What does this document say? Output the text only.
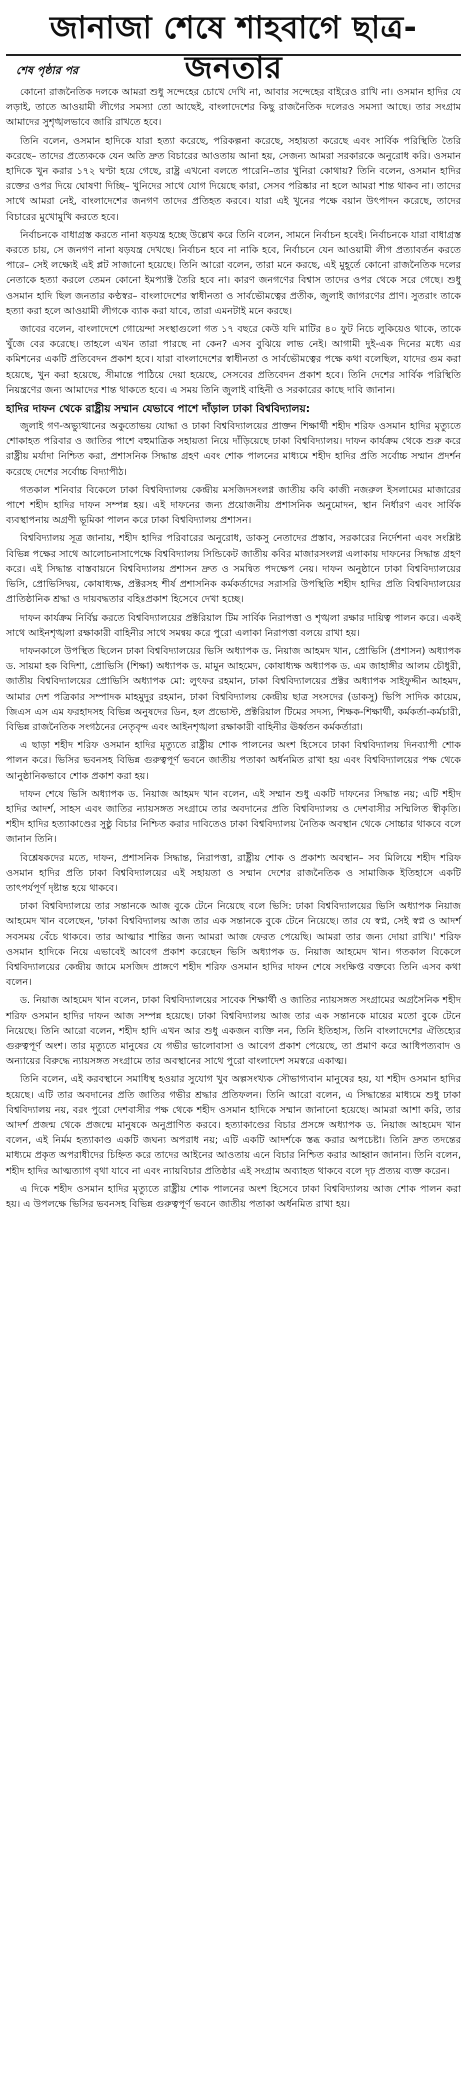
জানাজা শেষে শাহবাগে ছাত্র-জনতার
শেষ পৃষ্ঠার পর

কোনো রাজনৈতিক দলকে আমরা শুধু সন্দেহের চোখে দেখি না, আবার সন্দেহের বাইরেও রাখি না। ওসমান হাদির যে লড়াই, তাতে আওয়ামী লীগের সমস্যা তো আছেই, বাংলাদেশের কিছু রাজনৈতিক দলেরও সমস্যা আছে। তার সংগ্রাম আমাদের সুশৃঙ্খলভাবে জারি রাখতে হবে।

তিনি বলেন, ওসমান হাদিকে যারা হত্যা করেছে, পরিকল্পনা করেছে, সহায়তা করেছে এবং সার্বিক পরিস্থিতি তৈরি করেছে– তাদের প্রত্যেককে যেন অতি দ্রুত বিচারের আওতায় আনা হয়, সেজন্য আমরা সরকারকে অনুরোধ করি। ওসমান হাদিকে খুন করার ১৭২ ঘণ্টা হয়ে গেছে, রাষ্ট্র এখনো বলতে পারেনি–তার খুনিরা কোথায়? তিনি বলেন, ওসমান হাদির রক্তের ওপর দিয়ে ঘোষণা দিচ্ছি– খুনিদের সাথে যোগ দিয়েছে কারা, সেসব পরিষ্কার না হলে আমরা শান্ত থাকব না। তাদের সাথে আমরা নেই, বাংলাদেশের জনগণ তাদের প্রতিহত করবে। যারা এই খুনের পক্ষে বয়ান উৎপাদন করেছে, তাদের বিচারের মুখোমুখি করতে হবে।

নির্বাচনকে বাধাগ্রস্ত করতে নানা ষড়যন্ত্র হচ্ছে উল্লেখ করে তিনি বলেন, সামনে নির্বাচন হবেই। নির্বাচনকে যারা বাধাগ্রস্ত করতে চায়, সে জনগণ নানা ষড়যন্ত্র দেখছে। নির্বাচন হবে না নাকি হবে, নির্বাচনে যেন আওয়ামী লীগ প্রত্যাবর্তন করতে পারে– সেই লক্ষ্যেই এই প্লট সাজানো হয়েছে। তিনি আরো বলেন, তারা মনে করছে, এই মুহূর্তে কোনো রাজনৈতিক দলের নেতাকে হত্যা করলে তেমন কোনো ইমপ্যাক্ট তৈরি হবে না। কারণ জনগণের বিশ্বাস তাদের ওপর থেকে সরে গেছে। শুধু ওসমান হাদি ছিল জনতার কণ্ঠস্বর– বাংলাদেশের স্বাধীনতা ও সার্বভৌমত্বের প্রতীক, জুলাই জাগরণের প্রাণ। সুতরাং তাকে হত্যা করা হলে আওয়ামী লীগকে ব্যাক করা যাবে, তারা এমনটাই মনে করছে।

জাবের বলেন, বাংলাদেশে গোয়েন্দা সংস্থাগুলো গত ১৭ বছরে কেউ যদি মাটির ৪০ ফুট নিচে লুকিয়েও থাকে, তাকে খুঁজে বের করেছে। তাহলে এখন তারা পারছে না কেন? এসব বুঝিয়ে লাভ নেই। আগামী দুই-এক দিনের মধ্যে এর কমিশনের একটি প্রতিবেদন প্রকাশ হবে। যারা বাংলাদেশের স্বাধীনতা ও সার্বভৌমত্বের পক্ষে কথা বলেছিল, যাদের গুম করা হয়েছে, খুন করা হয়েছে, সীমান্তে পাঠিয়ে দেয়া হয়েছে, সেসবের প্রতিবেদন প্রকাশ হবে। তিনি দেশের সার্বিক পরিস্থিতি নিয়ন্ত্রণের জন্য আমাদের শান্ত থাকতে হবে। এ সময় তিনি জুলাই বাহিনী ও সরকারের কাছে দাবি জানান।

হাদির দাফন থেকে রাষ্ট্রীয় সম্মান যেভাবে পাশে দাঁড়াল ঢাকা বিশ্ববিদ্যালয়:

জুলাই গণ-অভ্যুত্থানের অকুতোভয় যোদ্ধা ও ঢাকা বিশ্ববিদ্যালয়ের প্রাক্তন শিক্ষার্থী শহীদ শরিফ ওসমান হাদির মৃত্যুতে শোকাহত পরিবার ও জাতির পাশে বহুমাত্রিক সহায়তা নিয়ে দাঁড়িয়েছে ঢাকা বিশ্ববিদ্যালয়। দাফন কার্যক্রম থেকে শুরু করে রাষ্ট্রীয় মর্যাদা নিশ্চিত করা, প্রশাসনিক সিদ্ধান্ত গ্রহণ এবং শোক পালনের মাধ্যমে শহীদ হাদির প্রতি সর্বোচ্চ সম্মান প্রদর্শন করেছে দেশের সর্বোচ্চ বিদ্যাপীঠ।

গতকাল শনিবার বিকেলে ঢাকা বিশ্ববিদ্যালয় কেন্দ্রীয় মসজিদসংলগ্ন জাতীয় কবি কাজী নজরুল ইসলামের মাজারের পাশে শহীদ হাদির দাফন সম্পন্ন হয়। এই দাফনের জন্য প্রয়োজনীয় প্রশাসনিক অনুমোদন, স্থান নির্ধারণ এবং সার্বিক ব্যবস্থাপনায় অগ্রণী ভূমিকা পালন করে ঢাকা বিশ্ববিদ্যালয় প্রশাসন।

বিশ্ববিদ্যালয় সূত্র জানায়, শহীদ হাদির পরিবারের অনুরোধ, ডাকসু নেতাদের প্রস্তাব, সরকারের নির্দেশনা এবং সংশ্লিষ্ট বিভিন্ন পক্ষের সাথে আলোচনাসাপেক্ষে বিশ্ববিদ্যালয় সিন্ডিকেট জাতীয় কবির মাজারসংলগ্ন এলাকায় দাফনের সিদ্ধান্ত গ্রহণ করে। এই সিদ্ধান্ত বাস্তবায়নে বিশ্ববিদ্যালয় প্রশাসন দ্রুত ও সমন্বিত পদক্ষেপ নেয়। দাফন অনুষ্ঠানে ঢাকা বিশ্ববিদ্যালয়ের ভিসি, প্রোভিসিদ্বয়, কোষাধ্যক্ষ, প্রক্টরসহ শীর্ষ প্রশাসনিক কর্মকর্তাদের সরাসরি উপস্থিতি শহীদ হাদির প্রতি বিশ্ববিদ্যালয়ের প্রাতিষ্ঠানিক শ্রদ্ধা ও দায়বদ্ধতার বহিঃপ্রকাশ হিসেবে দেখা হচ্ছে।

দাফন কার্যক্রম নির্বিঘ্ন করতে বিশ্ববিদ্যালয়ের প্রক্টরিয়াল টিম সার্বিক নিরাপত্তা ও শৃঙ্খলা রক্ষার দায়িত্ব পালন করে। একই সাথে আইনশৃঙ্খলা রক্ষাকারী বাহিনীর সাথে সমন্বয় করে পুরো এলাকা নিরাপত্তা বলয়ে রাখা হয়।

দাফনকালে উপস্থিত ছিলেন ঢাকা বিশ্ববিদ্যালয়ের ভিসি অধ্যাপক ড. নিয়াজ আহমদ খান, প্রোভিসি (প্রশাসন) অধ্যাপক ড. সায়মা হক বিদিশা, প্রোভিসি (শিক্ষা) অধ্যাপক ড. মামুন আহমেদ, কোষাধ্যক্ষ অধ্যাপক ড. এম জাহাঙ্গীর আলম চৌধুরী, জাতীয় বিশ্ববিদ্যালয়ের প্রোভিসি অধ্যাপক মো: লুৎফর রহমান, ঢাকা বিশ্ববিদ্যালয়ের প্রক্টর অধ্যাপক সাইফুদ্দীন আহমদ, আমার দেশ পত্রিকার সম্পাদক মাহমুদুর রহমান, ঢাকা বিশ্ববিদ্যালয় কেন্দ্রীয় ছাত্র সংসদের (ডাকসু) ভিপি সাদিক কায়েম, জিএস এস এম ফরহাদসহ বিভিন্ন অনুষদের ডিন, হল প্রভোস্ট, প্রক্টরিয়াল টিমের সদস্য, শিক্ষক-শিক্ষার্থী, কর্মকর্তা-কর্মচারী, বিভিন্ন রাজনৈতিক সংগঠনের নেতৃবৃন্দ এবং আইনশৃঙ্খলা রক্ষাকারী বাহিনীর ঊর্ধ্বতন কর্মকর্তারা।

এ ছাড়া শহীদ শরিফ ওসমান হাদির মৃত্যুতে রাষ্ট্রীয় শোক পালনের অংশ হিসেবে ঢাকা বিশ্ববিদ্যালয় দিনব্যাপী শোক পালন করে। ভিসির ভবনসহ বিভিন্ন গুরুত্বপূর্ণ ভবনে জাতীয় পতাকা অর্ধনমিত রাখা হয় এবং বিশ্ববিদ্যালয়ের পক্ষ থেকে আনুষ্ঠানিকভাবে শোক প্রকাশ করা হয়।

দাফন শেষে ভিসি অধ্যাপক ড. নিয়াজ আহমদ খান বলেন, এই সম্মান শুধু একটি দাফনের সিদ্ধান্ত নয়; এটি শহীদ হাদির আদর্শ, সাহস এবং জাতির ন্যায়সঙ্গত সংগ্রামে তার অবদানের প্রতি বিশ্ববিদ্যালয় ও দেশবাসীর সম্মিলিত স্বীকৃতি। শহীদ হাদির হত্যাকাণ্ডের সুষ্ঠু বিচার নিশ্চিত করার দাবিতেও ঢাকা বিশ্ববিদ্যালয় নৈতিক অবস্থান থেকে সোচ্চার থাকবে বলে জানান তিনি।

বিশ্লেষকদের মতে, দাফন, প্রশাসনিক সিদ্ধান্ত, নিরাপত্তা, রাষ্ট্রীয় শোক ও প্রকাশ্য অবস্থান– সব মিলিয়ে শহীদ শরিফ ওসমান হাদির প্রতি ঢাকা বিশ্ববিদ্যালয়ের এই সহায়তা ও সম্মান দেশের রাজনৈতিক ও সামাজিক ইতিহাসে একটি তাৎপর্যপূর্ণ দৃষ্টান্ত হয়ে থাকবে।

ঢাকা বিশ্ববিদ্যালয়ে তার সন্তানকে আজ বুকে টেনে নিয়েছে বলে ভিসি: ঢাকা বিশ্ববিদ্যালয়ের ভিসি অধ্যাপক নিয়াজ আহমেদ খান বলেছেন, 'ঢাকা বিশ্ববিদ্যালয় আজ তার এক সন্তানকে বুকে টেনে নিয়েছে। তার যে স্বপ্ন, সেই স্বপ্ন ও আদর্শ সবসময় বেঁচে থাকবে। তার আত্মার শান্তির জন্য আমরা আজ ফেরত পেয়েছি। আমরা তার জন্য দোয়া রাখি।' শরিফ ওসমান হাদিকে নিয়ে এভাবেই আবেগ প্রকাশ করেছেন ভিসি অধ্যাপক ড. নিয়াজ আহমেদ খান। গতকাল বিকেলে বিশ্ববিদ্যালয়ের কেন্দ্রীয় জামে মসজিদ প্রাঙ্গণে শহীদ শরিফ ওসমান হাদির দাফন শেষে সংক্ষিপ্ত বক্তব্যে তিনি এসব কথা বলেন।

ড. নিয়াজ আহমেদ খান বলেন, ঢাকা বিশ্ববিদ্যালয়ের সাবেক শিক্ষার্থী ও জাতির ন্যায়সঙ্গত সংগ্রামের অগ্রসৈনিক শহীদ শরিফ ওসমান হাদির দাফন আজ সম্পন্ন হয়েছে। ঢাকা বিশ্ববিদ্যালয় আজ তার এক সন্তানকে মায়ের মতো বুকে টেনে নিয়েছে। তিনি আরো বলেন, শহীদ হাদি এখন আর শুধু একজন ব্যক্তি নন, তিনি ইতিহাস, তিনি বাংলাদেশের ঐতিহ্যের গুরুত্বপূর্ণ অংশ। তার মৃত্যুতে মানুষের যে গভীর ভালোবাসা ও আবেগ প্রকাশ পেয়েছে, তা প্রমাণ করে আধিপত্যবাদ ও অন্যায়ের বিরুদ্ধে ন্যায়সঙ্গত সংগ্রামে তার অবস্থানের সাথে পুরো বাংলাদেশ সমস্বরে একাত্ম।

তিনি বলেন, এই করবস্থানে সমাধিস্থ হওয়ার সুযোগ খুব অল্পসংখ্যক সৌভাগ্যবান মানুষের হয়, যা শহীদ ওসমান হাদির হয়েছে। এটি তার অবদানের প্রতি জাতির গভীর শ্রদ্ধার প্রতিফলন। তিনি আরো বলেন, এ সিদ্ধান্তের মাধ্যমে শুধু ঢাকা বিশ্ববিদ্যালয় নয়, বরং পুরো দেশবাসীর পক্ষ থেকে শহীদ ওসমান হাদিকে সম্মান জানানো হয়েছে। আমরা আশা করি, তার আদর্শ প্রজন্ম থেকে প্রজন্মে মানুষকে অনুপ্রাণিত করবে। হত্যাকাণ্ডের বিচার প্রসঙ্গে অধ্যাপক ড. নিয়াজ আহমেদ খান বলেন, এই নির্মম হত্যাকাণ্ড একটি জঘন্য অপরাধ নয়; এটি একটি আদর্শকে স্তব্ধ করার অপচেষ্টা। তিনি দ্রুত তদন্তের মাধ্যমে প্রকৃত অপরাধীদের চিহ্নিত করে তাদের আইনের আওতায় এনে বিচার নিশ্চিত করার আহ্বান জানান। তিনি বলেন, শহীদ হাদির আত্মত্যাগ বৃথা যাবে না এবং ন্যায়বিচার প্রতিষ্ঠার এই সংগ্রাম অব্যাহত থাকবে বলে দৃঢ় প্রত্যয় ব্যক্ত করেন।

এ দিকে শহীদ ওসমান হাদির মৃত্যুতে রাষ্ট্রীয় শোক পালনের অংশ হিসেবে ঢাকা বিশ্ববিদ্যালয় আজ শোক পালন করা হয়। এ উপলক্ষে ভিসির ভবনসহ বিভিন্ন গুরুত্বপূর্ণ ভবনে জাতীয় পতাকা অর্ধনমিত রাখা হয়।
